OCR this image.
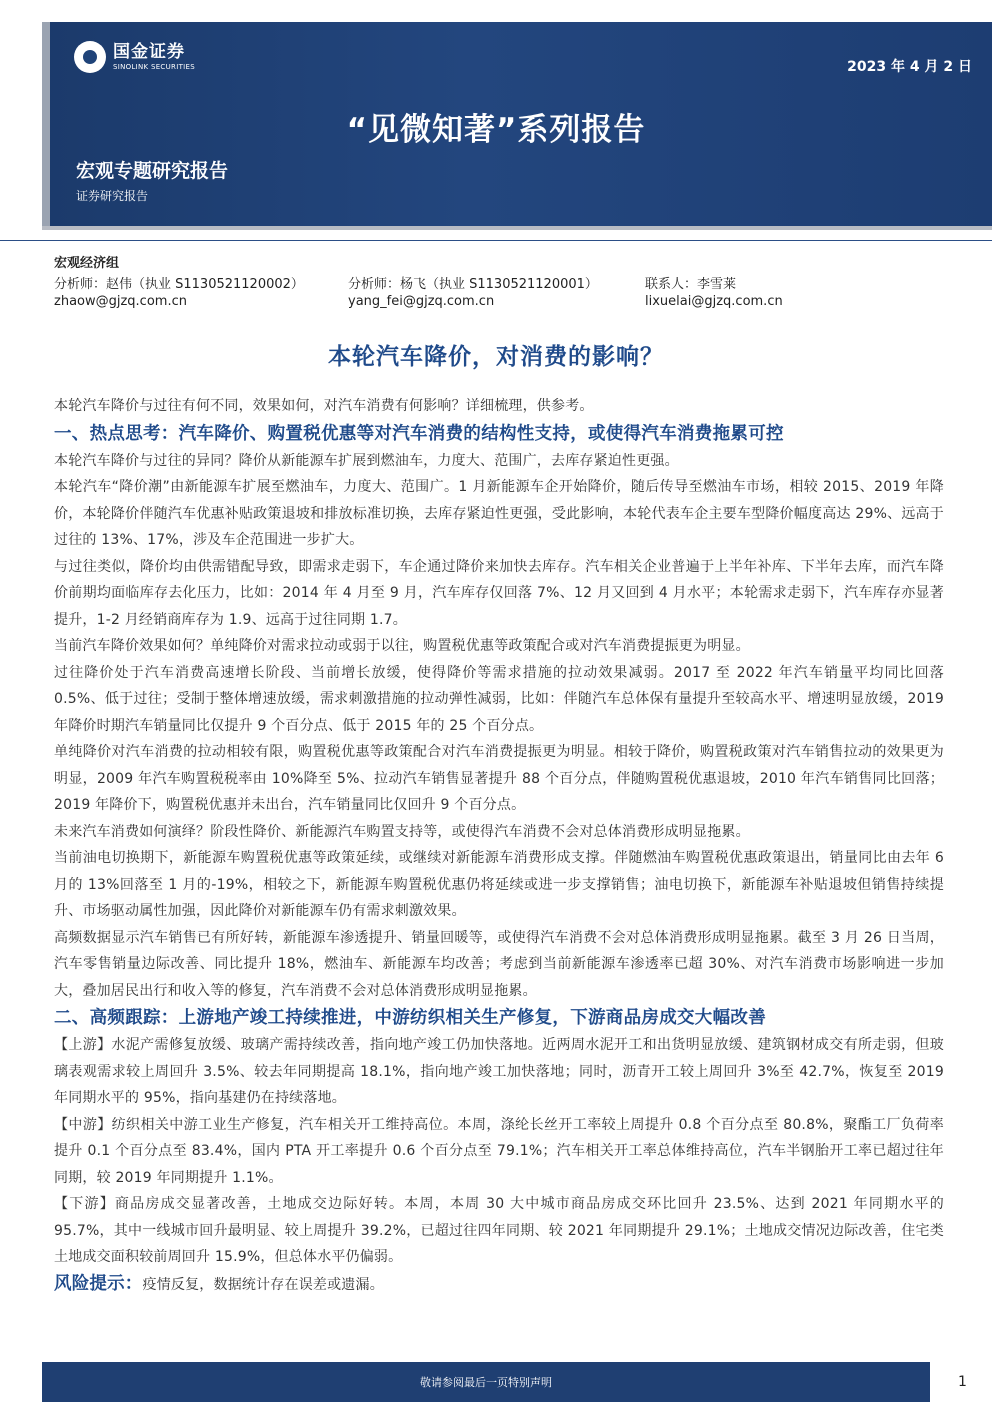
国金证券
SINOLINK SECURITIES	2023 年 4 月 2 日
“见微知著”系列报告
宏观专题研究报告
证券研究报告
宏观经济组
分析师：赵伟（执业 S1130521120002）
zhaow@gjzq.com.cn
分析师：杨飞（执业 S1130521120001）
yang_fei@gjzq.com.cn
联系人：李雪莱
lixuelai@gjzq.com.cn
本轮汽车降价，对消费的影响？

本轮汽车降价与过往有何不同，效果如何，对汽车消费有何影响？详细梳理，供参考。

一、热点思考：汽车降价、购置税优惠等对汽车消费的结构性支持，或使得汽车消费拖累可控

本轮汽车降价与过往的异同？降价从新能源车扩展到燃油车，力度大、范围广，去库存紧迫性更强。

本轮汽车“降价潮”由新能源车扩展至燃油车，力度大、范围广。1 月新能源车企开始降价，随后传导至燃油车市场，相较 2015、2019 年降价，本轮降价伴随汽车优惠补贴政策退坡和排放标准切换，去库存紧迫性更强，受此影响，本轮代表车企主要车型降价幅度高达 29%、远高于过往的 13%、17%，涉及车企范围进一步扩大。

与过往类似，降价均由供需错配导致，即需求走弱下，车企通过降价来加快去库存。汽车相关企业普遍于上半年补库、下半年去库，而汽车降价前期均面临库存去化压力，比如：2014 年 4 月至 9 月，汽车库存仅回落 7%、12 月又回到 4 月水平；本轮需求走弱下，汽车库存亦显著提升，1-2 月经销商库存为 1.9、远高于过往同期 1.7。

当前汽车降价效果如何？单纯降价对需求拉动或弱于以往，购置税优惠等政策配合或对汽车消费提振更为明显。

过往降价处于汽车消费高速增长阶段、当前增长放缓，使得降价等需求措施的拉动效果减弱。2017 至 2022 年汽车销量平均同比回落 0.5%、低于过往；受制于整体增速放缓，需求刺激措施的拉动弹性减弱，比如：伴随汽车总体保有量提升至较高水平、增速明显放缓，2019 年降价时期汽车销量同比仅提升 9 个百分点、低于 2015 年的 25 个百分点。

单纯降价对汽车消费的拉动相较有限，购置税优惠等政策配合对汽车消费提振更为明显。相较于降价，购置税政策对汽车销售拉动的效果更为明显，2009 年汽车购置税税率由 10%降至 5%、拉动汽车销售显著提升 88 个百分点，伴随购置税优惠退坡，2010 年汽车销售同比回落；2019 年降价下，购置税优惠并未出台，汽车销量同比仅回升 9 个百分点。

未来汽车消费如何演绎？阶段性降价、新能源汽车购置支持等，或使得汽车消费不会对总体消费形成明显拖累。

当前油电切换期下，新能源车购置税优惠等政策延续，或继续对新能源车消费形成支撑。伴随燃油车购置税优惠政策退出，销量同比由去年 6 月的 13%回落至 1 月的-19%，相较之下，新能源车购置税优惠仍将延续或进一步支撑销售；油电切换下，新能源车补贴退坡但销售持续提升、市场驱动属性加强，因此降价对新能源车仍有需求刺激效果。

高频数据显示汽车销售已有所好转，新能源车渗透提升、销量回暖等，或使得汽车消费不会对总体消费形成明显拖累。截至 3 月 26 日当周，汽车零售销量边际改善、同比提升 18%，燃油车、新能源车均改善；考虑到当前新能源车渗透率已超 30%、对汽车消费市场影响进一步加大，叠加居民出行和收入等的修复，汽车消费不会对总体消费形成明显拖累。

二、高频跟踪：上游地产竣工持续推进，中游纺织相关生产修复，下游商品房成交大幅改善

【上游】水泥产需修复放缓、玻璃产需持续改善，指向地产竣工仍加快落地。近两周水泥开工和出货明显放缓、建筑钢材成交有所走弱，但玻璃表观需求较上周回升 3.5%、较去年同期提高 18.1%，指向地产竣工加快落地；同时，沥青开工较上周回升 3%至 42.7%，恢复至 2019 年同期水平的 95%，指向基建仍在持续落地。

【中游】纺织相关中游工业生产修复，汽车相关开工维持高位。本周，涤纶长丝开工率较上周提升 0.8 个百分点至 80.8%，聚酯工厂负荷率提升 0.1 个百分点至 83.4%，国内 PTA 开工率提升 0.6 个百分点至 79.1%；汽车相关开工率总体维持高位，汽车半钢胎开工率已超过往年同期，较 2019 年同期提升 1.1%。

【下游】商品房成交显著改善，土地成交边际好转。本周，本周 30 大中城市商品房成交环比回升 23.5%、达到 2021 年同期水平的 95.7%，其中一线城市回升最明显、较上周提升 39.2%，已超过往四年同期、较 2021 年同期提升 29.1%；土地成交情况边际改善，住宅类土地成交面积较前周回升 15.9%，但总体水平仍偏弱。

风险提示：疫情反复，数据统计存在误差或遗漏。

敬请参阅最后一页特别声明	1
